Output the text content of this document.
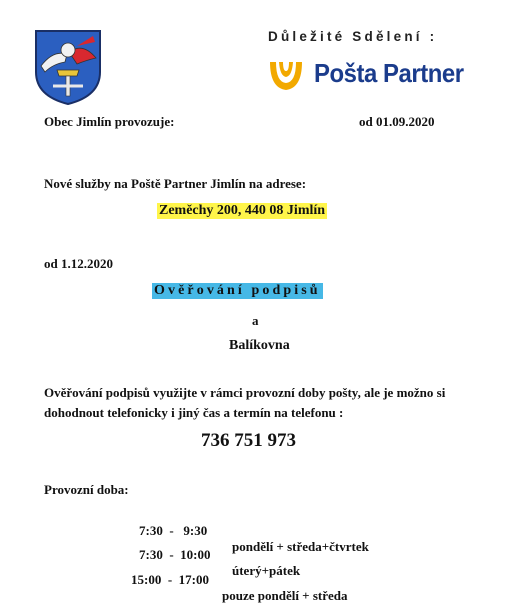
Důležité Sdělení :
Pošta Partner
Obec Jimlín provozuje:	od 01.09.2020
Nové služby na Poště Partner Jimlín na adrese:
Zeměchy 200, 440 08 Jimlín
od 1.12.2020
Ověřování podpisů
a
Balíkovna
Ověřování podpisů využijte v rámci provozní doby pošty, ale je možno si
dohodnout telefonicky i jiný čas a termín na telefonu :
736 751 973
Provozní doba:

7:30  -   9:30

pondělí + středa+čtvrtek

7:30  -  10:00

úterý+pátek

15:00  -  17:00

pouze pondělí + středa
